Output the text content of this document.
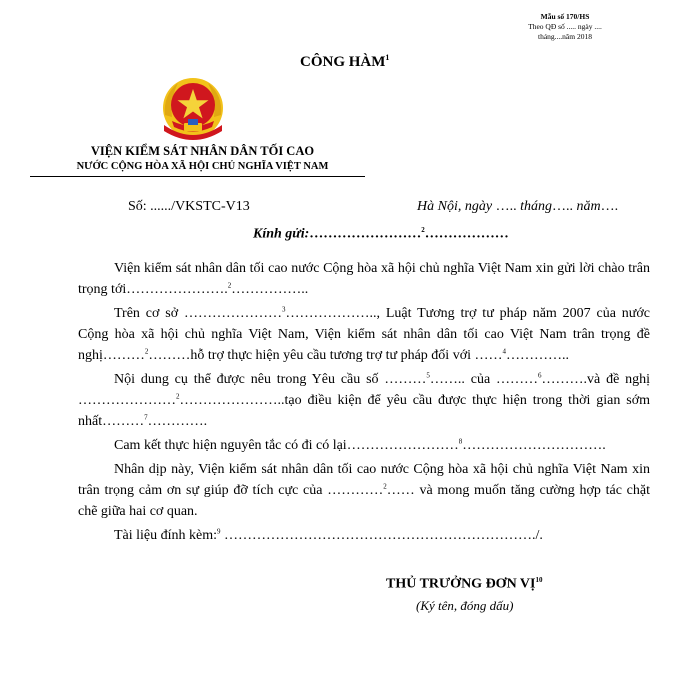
Mẫu số 170/HS
Theo QĐ số ..... ngày ....
tháng....năm 2018
CÔNG HÀM$^1$
VIỆN KIỂM SÁT NHÂN DÂN TỐI CAO
NƯỚC CỘNG HÒA XÃ HỘI CHỦ NGHĨA VIỆT NAM
Số: ....../VKSTC-V13	Hà Nội, ngày ….. tháng….. năm….
Kính gửi:……………………$^2$………………

Viện kiểm sát nhân dân tối cao nước Cộng hòa xã hội chủ nghĩa Việt Nam xin gửi lời chào trân trọng tới………………….$^2$……………..

Trên cơ sở …………………$^3$……………….., Luật Tương trợ tư pháp năm 2007 của nước Cộng hòa xã hội chủ nghĩa Việt Nam, Viện kiểm sát nhân dân tối cao Việt Nam trân trọng đề nghị………$^2$………hỗ trợ thực hiện yêu cầu tương trợ tư pháp đối với ……$^4$…………..

Nội dung cụ thể được nêu trong Yêu cầu số ………$^5$…….. của ………$^6$……….và đề nghị …………………$^2$…………………..tạo điều kiện để yêu cầu được thực hiện trong thời gian sớm nhất………$^7$………….

Cam kết thực hiện nguyên tắc có đi có lại……………………$^8$………………………….

Nhân dịp này, Viện kiểm sát nhân dân tối cao nước Cộng hòa xã hội chủ nghĩa Việt Nam xin trân trọng cảm ơn sự giúp đỡ tích cực của …………$^2$…… và mong muốn tăng cường hợp tác chặt chẽ giữa hai cơ quan.

Tài liệu đính kèm:$^9$ …………………………………………………………./.

THỦ TRƯỞNG ĐƠN VỊ$^{10}$
(Ký tên, đóng dấu)
